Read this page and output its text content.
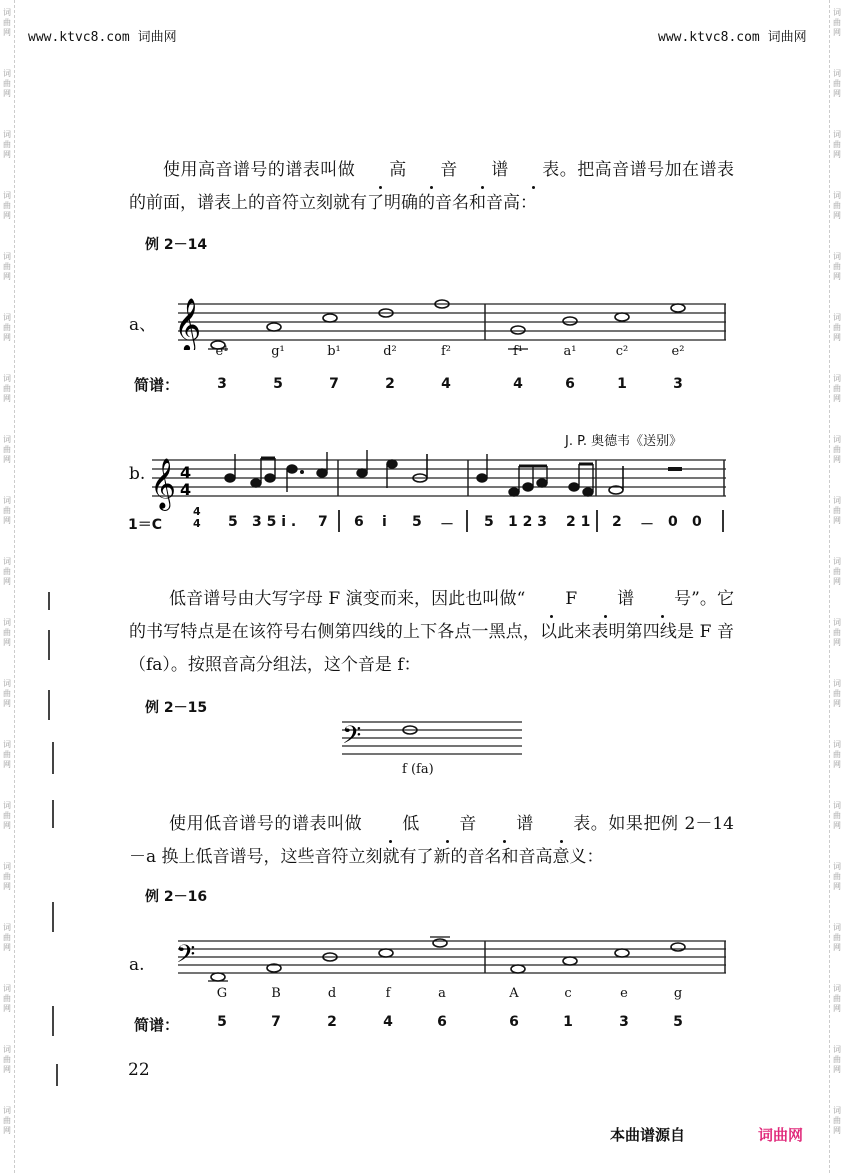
词
曲
网
词
曲
网
词
曲
网
词
曲
网
词
曲
网
词
曲
网
词
曲
网
词
曲
网
词
曲
网
词
曲
网
词
曲
网
词
曲
网
词
曲
网
词
曲
网
词
曲
网
词
曲
网
词
曲
网
词
曲
网
词
曲
网
词
曲
网
词
曲
网
词
曲
网
词
曲
网
词
曲
网
词
曲
网
词
曲
网
词
曲
网
词
曲
网
词
曲
网
词
曲
网
词
曲
网
词
曲
网
词
曲
网
词
曲
网
词
曲
网
词
曲
网
词
曲
网
词
曲
网
www.ktvc8.com 词曲网	www.ktvc8.com 词曲网
使用高音谱号的谱表叫做 高 音 谱 表。把高音谱号加在谱表的前面，谱表上的音符立刻就有了明确的音名和音高：
例 2－14
a、 𝄞
e¹	g¹	b¹	d²	f²	f¹	a¹	c²	e²
简谱：	3	5	7	2	4	4	6	1	3
J. P. 奥德韦《送别》
b. 𝄞 4
4
1＝C
4
4 5 3 5 i . 7 6 i 5 － 5 1 2 3 2 1 2 － 0 0
低音谱号由大写字母 F 演变而来，因此也叫做“ F 谱 号”。它的书写特点是在该符号右侧第四线的上下各点一黑点，以此来表明第四线是 F 音（fa）。按照音高分组法，这个音是 f：
例 2－15
𝄢
f (fa)
使用低音谱号的谱表叫做 低 音 谱 表。如果把例 2－14－a 换上低音谱号，这些音符立刻就有了新的音名和音高意义：
例 2－16
a. 𝄢
G	B	d	f	a	A	c	e	g
简谱：	5	7	2	4	6	6	1	3	5
22
本曲谱源自	词曲网
